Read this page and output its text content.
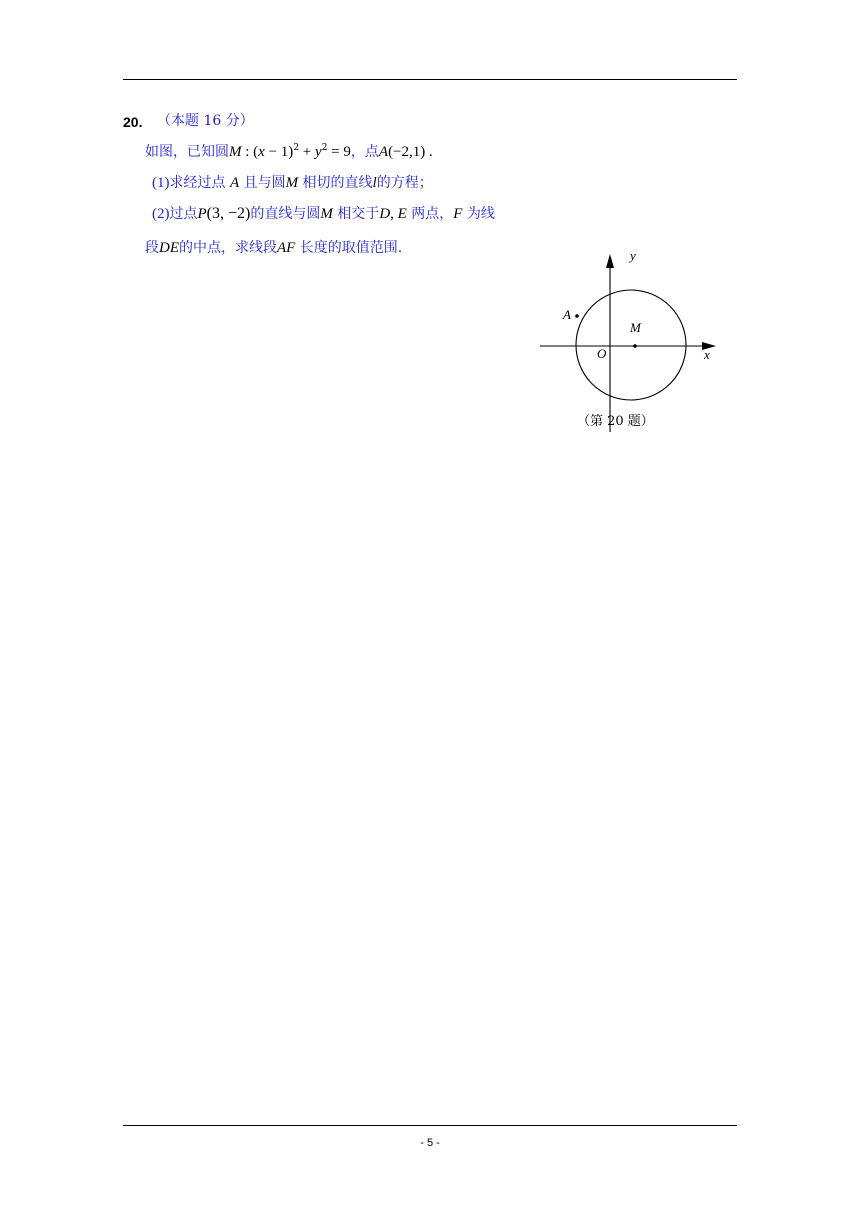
20. （本题 16 分）
如图，已知圆M : $(x - 1)^2 + y^2 = 9$，点A(−2,1) .
(1)求经过点 A 且与圆M 相切的直线l的方程；
(2)过点P(3, −2)的直线与圆M 相交于D, E 两点，F 为线
段DE的中点，求线段AF 长度的取值范围.	y
x
O
A
M
（第 20 题）
- 5 -
